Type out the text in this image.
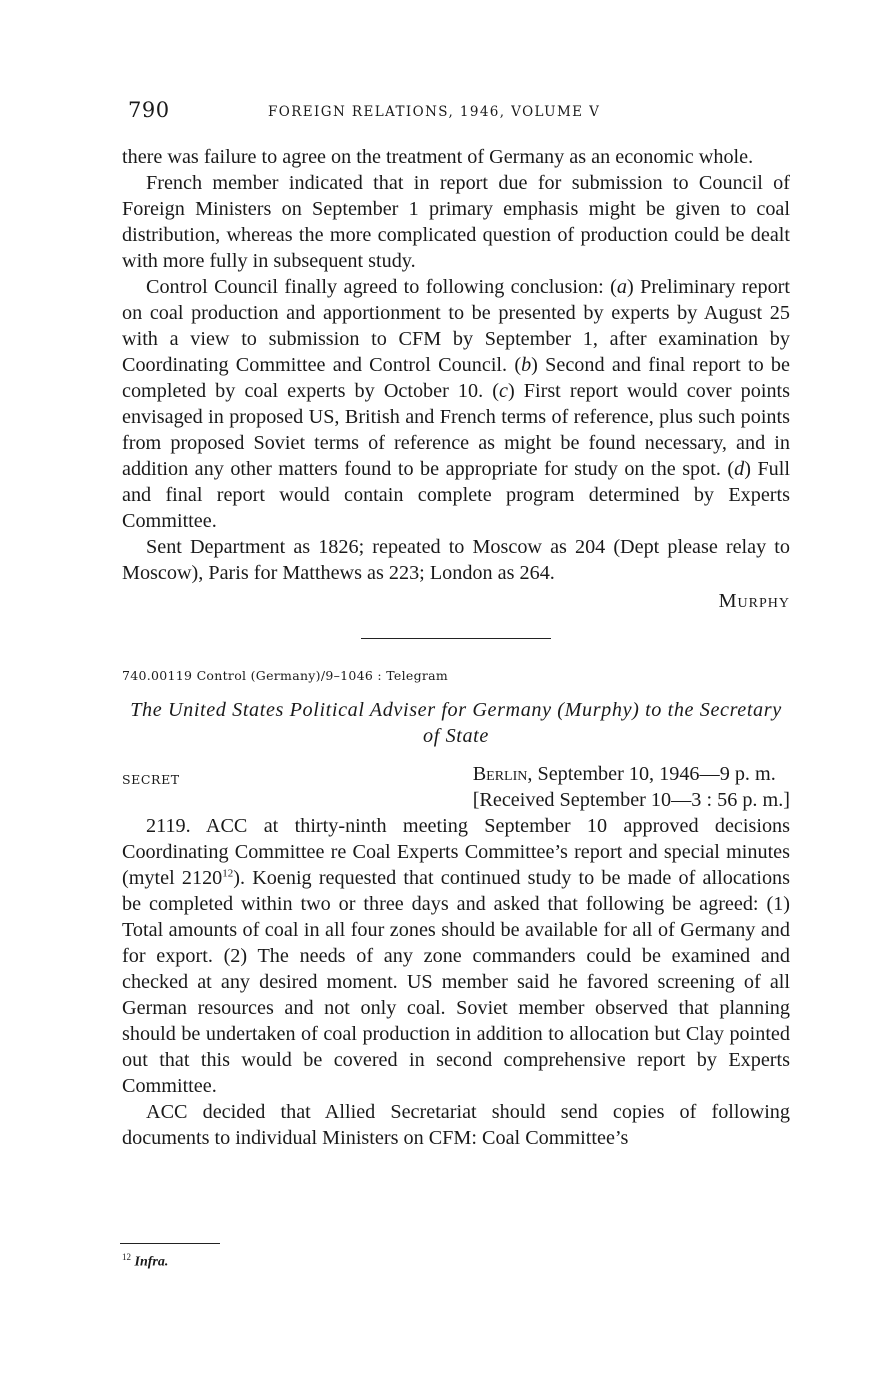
790	FOREIGN RELATIONS, 1946, VOLUME V

there was failure to agree on the treatment of Germany as an economic whole.

French member indicated that in report due for submission to Council of Foreign Ministers on September 1 primary emphasis might be given to coal distribution, whereas the more complicated question of production could be dealt with more fully in subsequent study.

Control Council finally agreed to following conclusion: (a) Preliminary report on coal production and apportionment to be presented by experts by August 25 with a view to submission to CFM by September 1, after examination by Coordinating Committee and Control Council. (b) Second and final report to be completed by coal experts by October 10. (c) First report would cover points envisaged in proposed US, British and French terms of reference, plus such points from proposed Soviet terms of reference as might be found necessary, and in addition any other matters found to be appropriate for study on the spot. (d) Full and final report would contain complete program determined by Experts Committee.

Sent Department as 1826; repeated to Moscow as 204 (Dept please relay to Moscow), Paris for Matthews as 223; London as 264.

Murphy

740.00119 Control (Germany)/9–1046 : Telegram

The United States Political Adviser for Germany (Murphy) to the Secretary of State

SECRET	Berlin, September 10, 1946—9 p. m.
[Received September 10—3 : 56 p. m.]

2119. ACC at thirty-ninth meeting September 10 approved decisions Coordinating Committee re Coal Experts Committee’s report and special minutes (mytel 2120$^{12}$). Koenig requested that continued study to be made of allocations be completed within two or three days and asked that following be agreed: (1) Total amounts of coal in all four zones should be available for all of Germany and for export. (2) The needs of any zone commanders could be examined and checked at any desired moment. US member said he favored screening of all German resources and not only coal. Soviet member observed that planning should be undertaken of coal production in addition to allocation but Clay pointed out that this would be covered in second comprehensive report by Experts Committee.

ACC decided that Allied Secretariat should send copies of following documents to individual Ministers on CFM: Coal Committee’s

$^{12}$ Infra.
